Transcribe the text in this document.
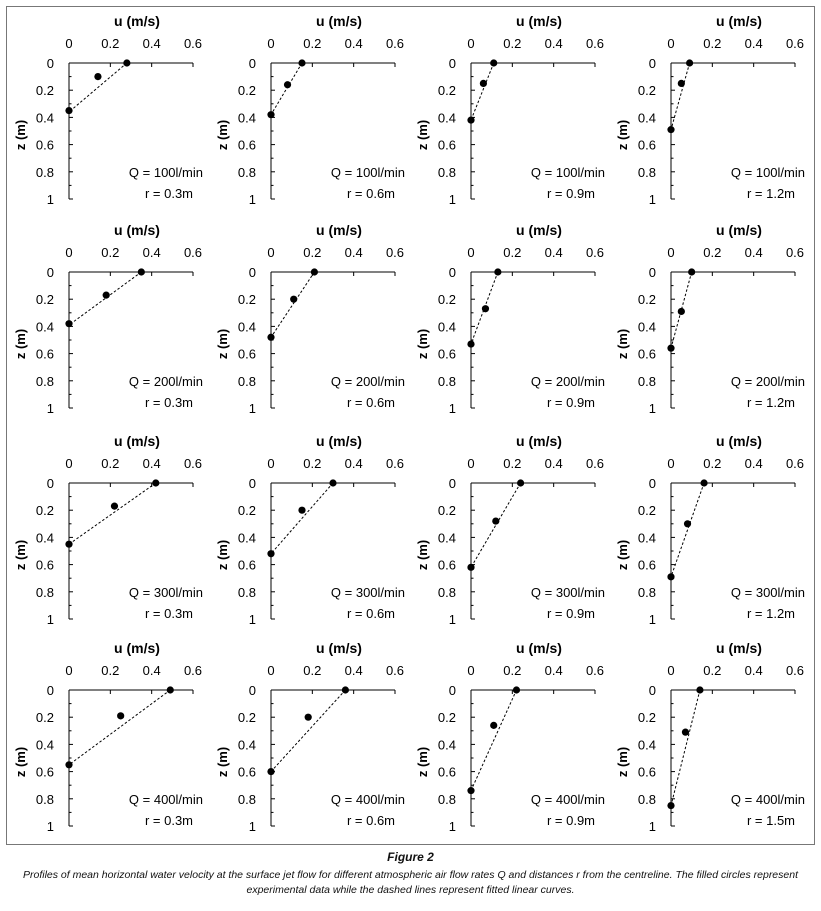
0 0.2 0.4 0.6
u (m/s)
0
0.2
0.4
0.6
0.8
1
z (m)
Q = 100l/min
r = 0.3m
0 0.2 0.4 0.6
u (m/s)
0
0.2
0.4
0.6
0.8
1
z (m)
Q = 100l/min
r = 0.6m
0 0.2 0.4 0.6
u (m/s)
0
0.2
0.4
0.6
0.8
1
z (m)
Q = 100l/min
r = 0.9m
0 0.2 0.4 0.6
u (m/s)
0
0.2
0.4
0.6
0.8
1
z (m)
Q = 100l/min
r = 1.2m
0 0.2 0.4 0.6
u (m/s)
0
0.2
0.4
0.6
0.8
1
z (m)
Q = 200l/min
r = 0.3m
0 0.2 0.4 0.6
u (m/s)
0
0.2
0.4
0.6
0.8
1
z (m)
Q = 200l/min
r = 0.6m
0 0.2 0.4 0.6
u (m/s)
0
0.2
0.4
0.6
0.8
1
z (m)
Q = 200l/min
r = 0.9m
0 0.2 0.4 0.6
u (m/s)
0
0.2
0.4
0.6
0.8
1
z (m)
Q = 200l/min
r = 1.2m
0 0.2 0.4 0.6
u (m/s)
0
0.2
0.4
0.6
0.8
1
z (m)
Q = 300l/min
r = 0.3m
0 0.2 0.4 0.6
u (m/s)
0
0.2
0.4
0.6
0.8
1
z (m)
Q = 300l/min
r = 0.6m
0 0.2 0.4 0.6
u (m/s)
0
0.2
0.4
0.6
0.8
1
z (m)
Q = 300l/min
r = 0.9m
0 0.2 0.4 0.6
u (m/s)
0
0.2
0.4
0.6
0.8
1
z (m)
Q = 300l/min
r = 1.2m
0 0.2 0.4 0.6
u (m/s)
0
0.2
0.4
0.6
0.8
1
z (m)
Q = 400l/min
r = 0.3m
0 0.2 0.4 0.6
u (m/s)
0
0.2
0.4
0.6
0.8
1
z (m)
Q = 400l/min
r = 0.6m
0 0.2 0.4 0.6
u (m/s)
0
0.2
0.4
0.6
0.8
1
z (m)
Q = 400l/min
r = 0.9m
0 0.2 0.4 0.6
u (m/s)
0
0.2
0.4
0.6
0.8
1
z (m)
Q = 400l/min
r = 1.5m
Figure 2
Profiles of mean horizontal water velocity at the surface jet flow for different atmospheric air flow rates Q and distances r from the centreline. The filled circles represent experimental data while the dashed lines represent fitted linear curves.
